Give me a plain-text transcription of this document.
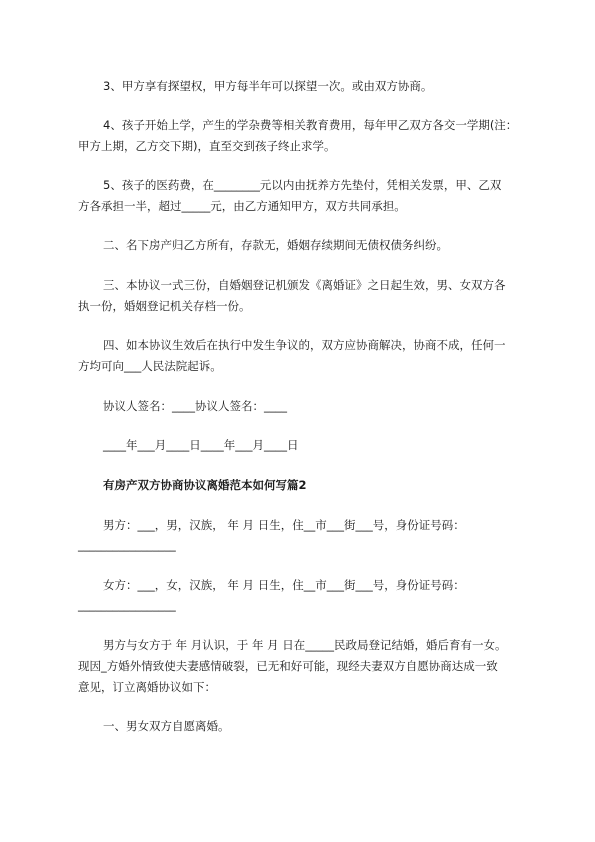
3、甲方享有探望权，甲方每半年可以探望一次。或由双方协商。
4、孩子开始上学，产生的学杂费等相关教育费用，每年甲乙双方各交一学期(注：
甲方上期，乙方交下期)，直至交到孩子终止求学。
5、孩子的医药费，在________元以内由抚养方先垫付，凭相关发票，甲、乙双
方各承担一半，超过_____元，由乙方通知甲方，双方共同承担。
二、名下房产归乙方所有，存款无，婚姻存续期间无债权债务纠纷。
三、本协议一式三份，自婚姻登记机颁发《离婚证》之日起生效，男、女双方各
执一份，婚姻登记机关存档一份。
四、如本协议生效后在执行中发生争议的，双方应协商解决，协商不成，任何一
方均可向___人民法院起诉。
协议人签名：____协议人签名：____
____年___月____日____年___月____日
有房产双方协商协议离婚范本如何写篇2
男方：___，男，汉族， 年 月 日生，住__市___街___号，身份证号码：
_________________
女方：___，女，汉族， 年 月 日生，住__市___街___号，身份证号码：
_________________
男方与女方于 年 月认识，于 年 月 日在_____民政局登记结婚，婚后育有一女。
现因_方婚外情致使夫妻感情破裂，已无和好可能，现经夫妻双方自愿协商达成一致
意见，订立离婚协议如下：
一、男女双方自愿离婚。
